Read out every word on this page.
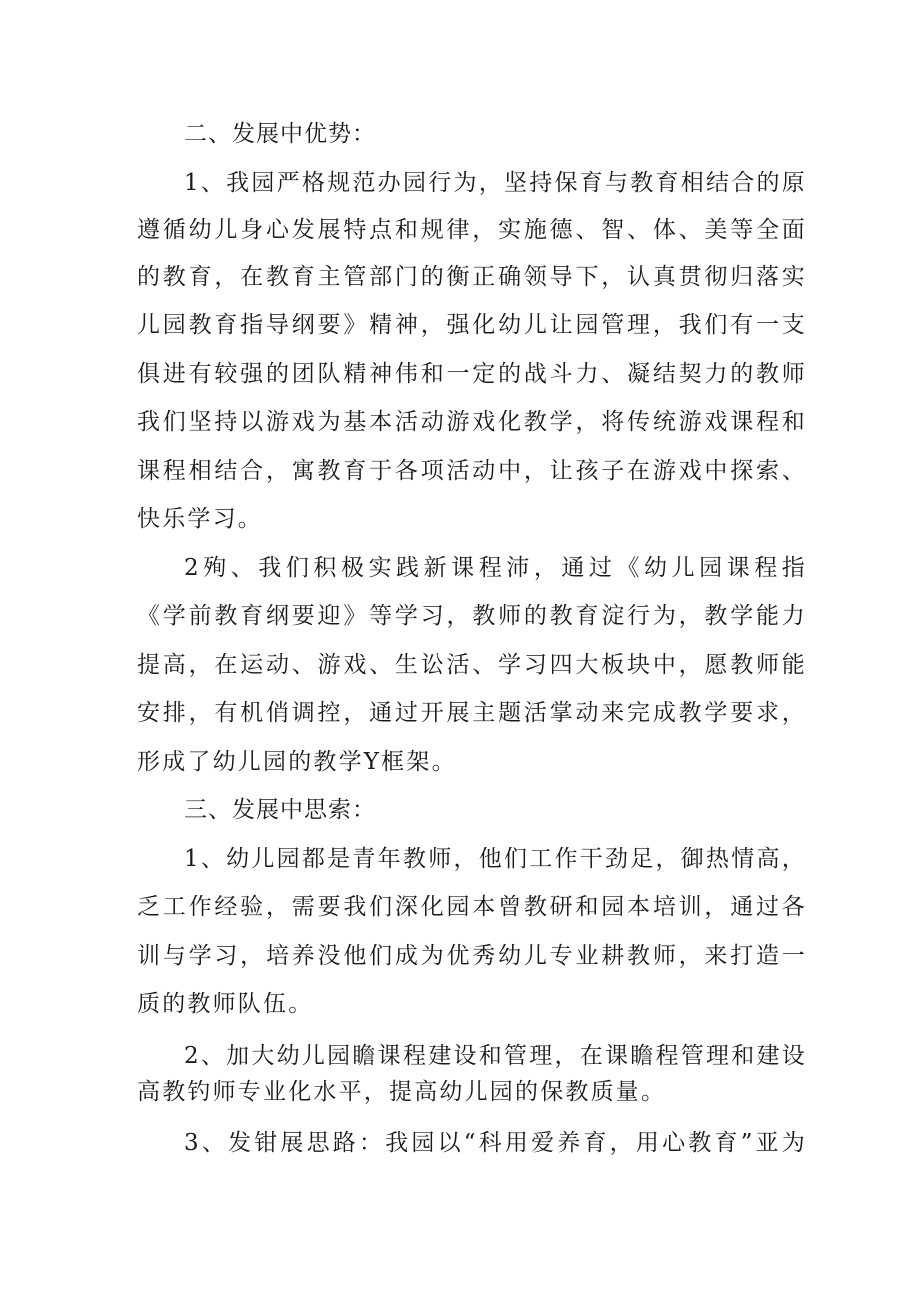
二、发展中优势：
1、我园严格规范办园行为，坚持保育与教育相结合的原
遵循幼儿身心发展特点和规律，实施德、智、体、美等全面
的教育，在教育主管部门的衡正确领导下，认真贯彻归落实
儿园教育指导纲要》精神，强化幼儿让园管理，我们有一支
俱进有较强的团队精神伟和一定的战斗力、凝结契力的教师
我们坚持以游戏为基本活动游戏化教学，将传统游戏课程和
课程相结合，寓教育于各项活动中，让孩子在游戏中探索、
快乐学习。
2殉、我们积极实践新课程沛，通过《幼儿园课程指
《学前教育纲要迎》等学习，教师的教育淀行为，教学能力
提高，在运动、游戏、生讼活、学习四大板块中，愿教师能
安排，有机俏调控，通过开展主题活掌动来完成教学要求，
形成了幼儿园的教学Y框架。
三、发展中思索：
1、幼儿园都是青年教师，他们工作干劲足，御热情高，
乏工作经验，需要我们深化园本曾教研和园本培训，通过各
训与学习，培养没他们成为优秀幼儿专业耕教师，来打造一
质的教师队伍。
2、加大幼儿园瞻课程建设和管理，在课瞻程管理和建设
高教钓师专业化水平，提高幼儿园的保教质量。
3、发钳展思路：我园以“科用爱养育，用心教育”亚为
